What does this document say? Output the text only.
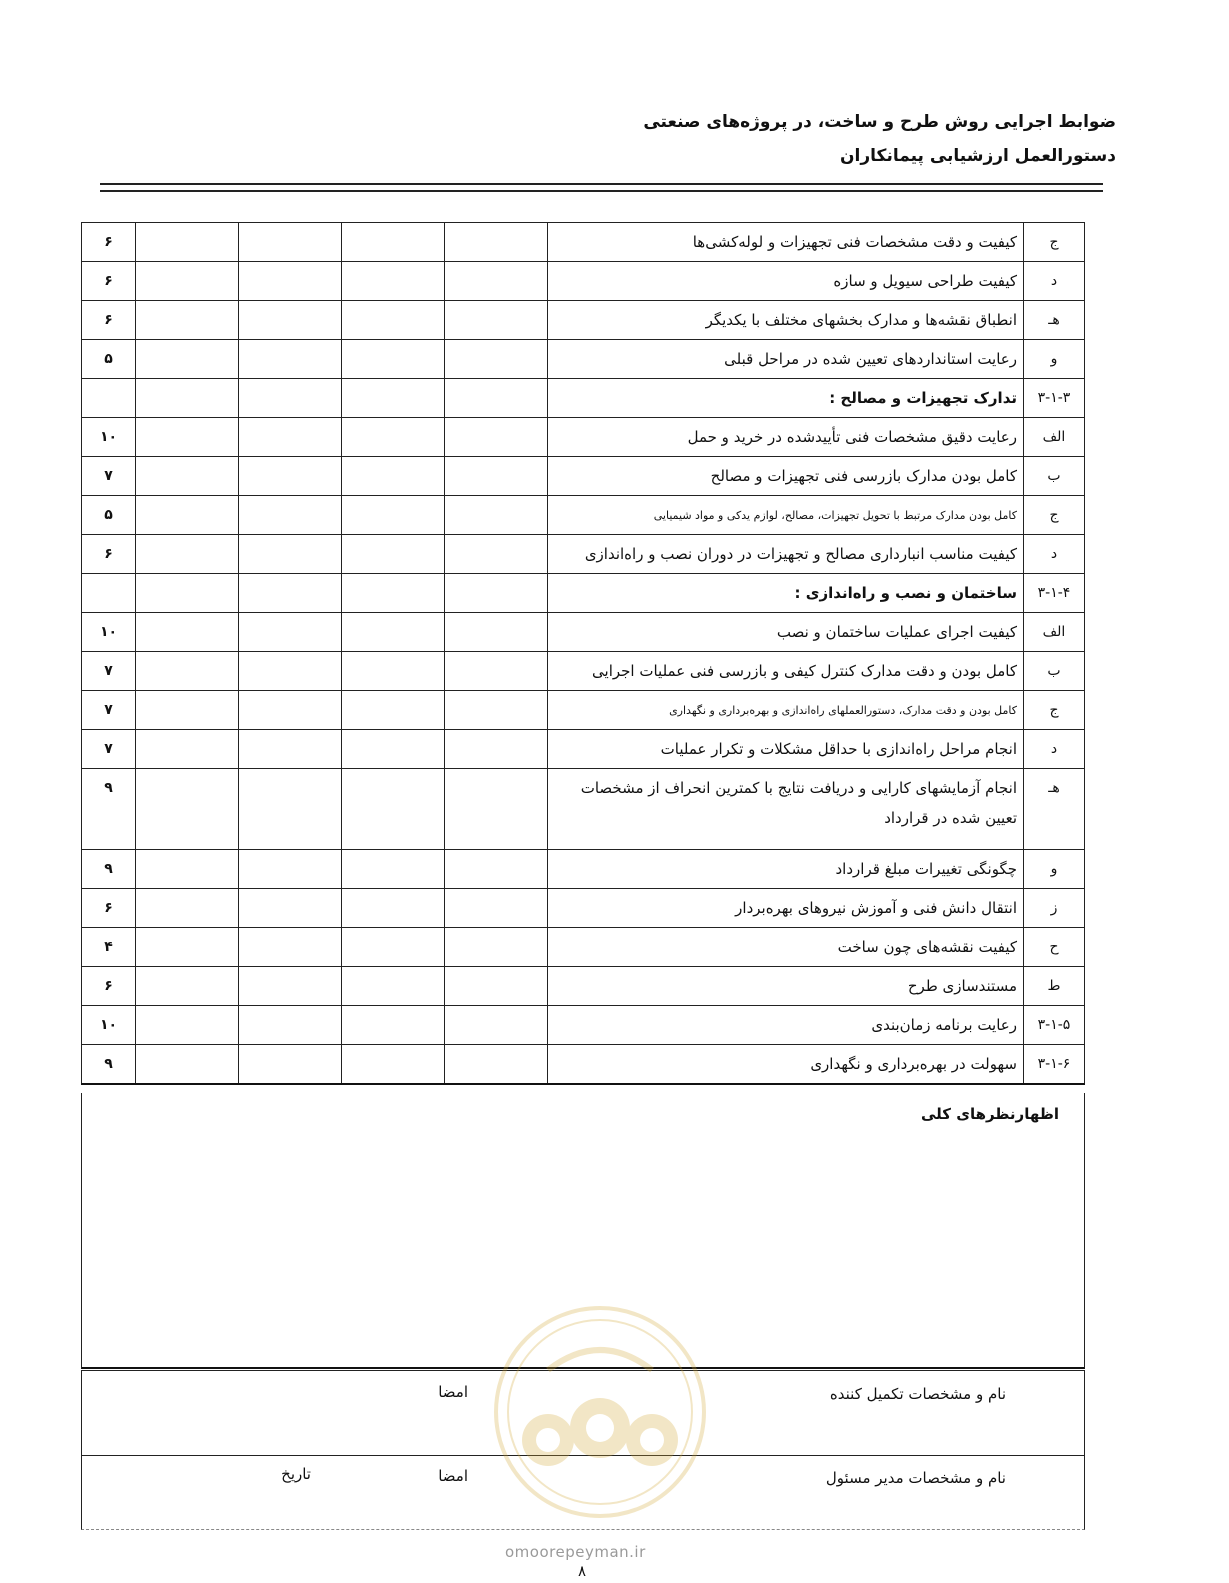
ضوابط اجرایی روش طرح و ساخت، در پروژه‌های صنعتی
دستورالعمل ارزشیابی پیمانکاران
ج	کیفیت و دقت مشخصات فنی تجهیزات و لوله‌کشی‌ها					۶
د	کیفیت طراحی سیویل و سازه					۶
هـ	انطباق نقشه‌ها و مدارک بخشهای مختلف با یکدیگر					۶
و	رعایت استانداردهای تعیین شده در مراحل قبلی					۵
۳-۱-۳	تدارک تجهیزات و مصالح :					
الف	رعایت دقیق مشخصات فنی تأییدشده در خرید و حمل					۱۰
ب	کامل بودن مدارک بازرسی فنی تجهیزات و مصالح					۷
ج	کامل بودن مدارک مرتبط با تحویل تجهیزات، مصالح، لوازم یدکی و مواد شیمیایی					۵
د	کیفیت مناسب انبارداری مصالح و تجهیزات در دوران نصب و راه‌اندازی					۶
۳-۱-۴	ساختمان و نصب و راه‌اندازی :					
الف	کیفیت اجرای عملیات ساختمان و نصب					۱۰
ب	کامل بودن و دقت مدارک کنترل کیفی و بازرسی فنی عملیات اجرایی					۷
ج	کامل بودن و دقت مدارک، دستورالعملهای راه‌اندازی و بهره‌برداری و نگهداری					۷
د	انجام مراحل راه‌اندازی با حداقل مشکلات و تکرار عملیات					۷
هـ	انجام آزمایشهای کارایی و دریافت نتایج با کمترین انحراف از مشخصات تعیین شده در قرارداد					۹
و	چگونگی تغییرات مبلغ قرارداد					۹
ز	انتقال دانش فنی و آموزش نیروهای بهره‌بردار					۶
ح	کیفیت نقشه‌های چون ساخت					۴
ط	مستندسازی طرح					۶
۳-۱-۵	رعایت برنامه زمان‌بندی					۱۰
۳-۱-۶	سهولت در بهره‌برداری و نگهداری					۹
اظهارنظرهای کلی
نام و مشخصات تکمیل کننده
امضا
نام و مشخصات مدیر مسئول
امضا
تاریخ
omoorepeyman.ir
۸
